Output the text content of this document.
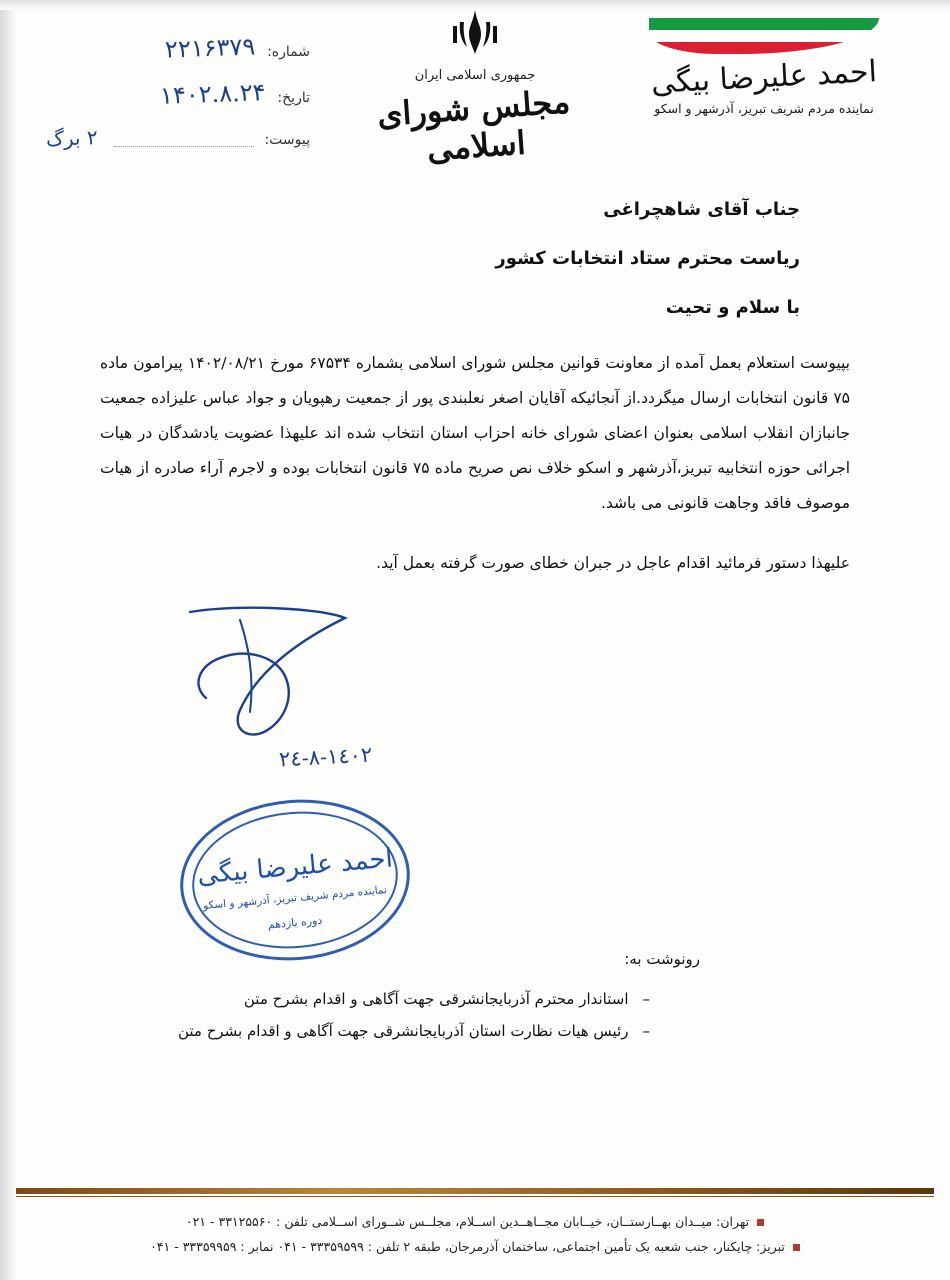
شماره:
۲۲۱۶۳۷۹
تاریخ:
۱۴۰۲.۸.۲۴
پیوست:
۲ برگ
جمهوری اسلامی ایران
مجلس شورای اسلامی
احمد علیرضا بیگی
نماینده مردم شریف تبریز، آذرشهر و اسکو
جناب آقای شاهچراغی
ریاست محترم ستاد انتخابات کشور
با سلام و تحیت

بپیوست استعلام بعمل آمده از معاونت قوانین مجلس شورای اسلامی بشماره ۶۷۵۳۴ مورخ ۱۴۰۲/۰۸/۲۱ پیرامون ماده ۷۵ قانون انتخابات ارسال میگردد.از آنجائیکه آقایان اصغر نعلبندی پور از جمعیت رهپویان و جواد عباس علیزاده جمعیت جانبازان انقلاب اسلامی بعنوان اعضای شورای خانه احزاب استان انتخاب شده اند علیهذا عضویت یادشدگان در هیات اجرائی حوزه انتخابیه تبریز،آذرشهر و اسکو خلاف نص صریح ماده ۷۵ قانون انتخابات بوده و لاجرم آراء صادره از هیات موصوف فاقد وجاهت قانونی می باشد.

علیهذا دستور فرمائید اقدام عاجل در جبران خطای صورت گرفته بعمل آید.

١٤٠٢-٨-٢٤
احمد علیرضا بیگی
نماینده مردم شریف تبریز، آذرشهر و اسکو
دوره یازدهم
رونوشت به:
–
استاندار محترم آذربایجانشرقی جهت آگاهی و اقدام بشرح متن
–
رئیس هیات نظارت استان آذربایجانشرقی جهت آگاهی و اقدام بشرح متن
تهران: میــدان بهــارستــان، خیــابان مجــاهــدین اســلام، مجلــس شــورای اســلامی تلفن : ۳۳۱۲۵۵۶۰ - ۰۲۱
تبریز: چایکنار، جنب شعبه یک تأمین اجتماعی، ساختمان آذرمرجان، طبقه ۲ تلفن : ۳۳۳۵۹۵۹۹ - ۰۴۱ نمابر : ۳۳۳۵۹۹۵۹ - ۰۴۱
